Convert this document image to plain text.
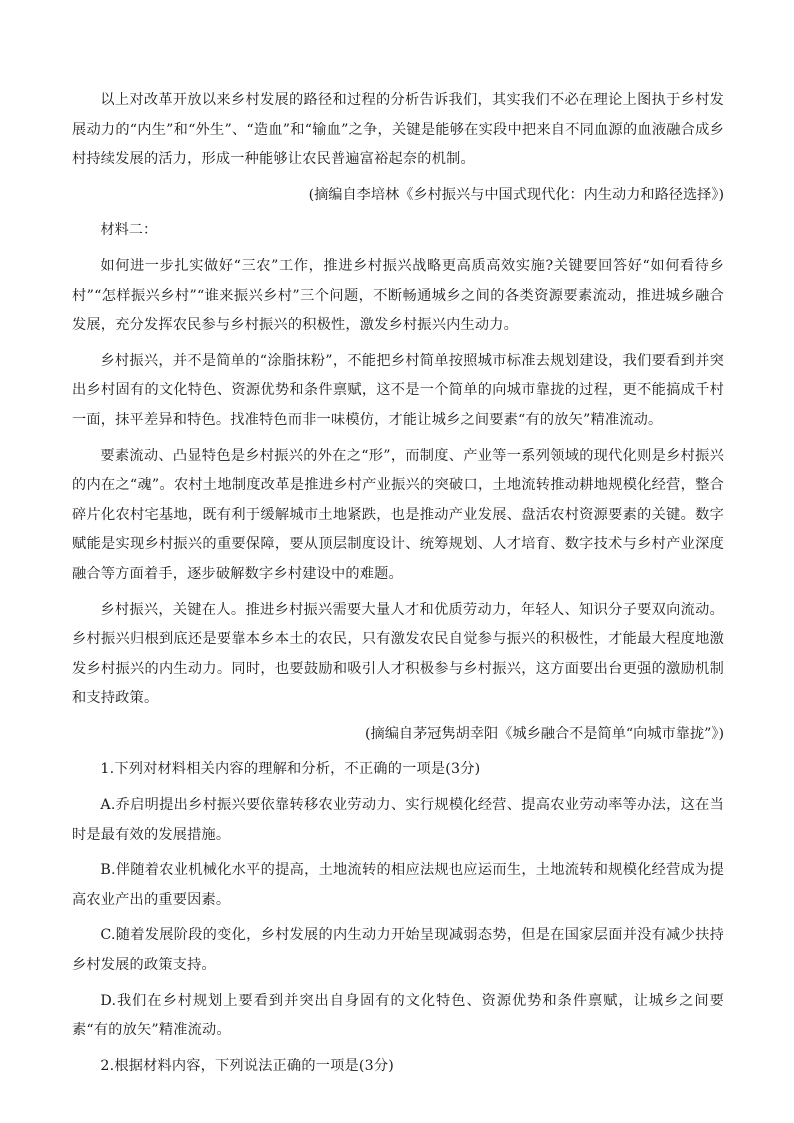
以上对改革开放以来乡村发展的路径和过程的分析告诉我们，其实我们不必在理论上图执于乡村发展动力的“内生”和“外生”、“造血”和“输血”之争，关键是能够在实段中把来自不同血源的血液融合成乡村持续发展的活力，形成一种能够让农民普遍富裕起奈的机制。

(摘编自李培林《乡村振兴与中国式现代化：内生动力和路径选择》)

材料二：

如何进一步扎实做好“三农”工作，推进乡村振兴战略更高质高效实施?关键要回答好“如何看待乡村”“怎样振兴乡村”“谁来振兴乡村”三个问题，不断畅通城乡之间的各类资源要素流动，推进城乡融合发展，充分发挥农民参与乡村振兴的积极性，激发乡村振兴内生动力。

乡村振兴，并不是简单的“涂脂抹粉”，不能把乡村简单按照城市标准去规划建设，我们要看到并突出乡村固有的文化特色、资源优势和条件禀赋，这不是一个简单的向城市靠拢的过程，更不能搞成千村一面，抹平差异和特色。找准特色而非一味模仿，才能让城乡之间要素“有的放矢”精准流动。

要素流动、凸显特色是乡村振兴的外在之“形”，而制度、产业等一系列领域的现代化则是乡村振兴的内在之“魂”。农村土地制度改革是推进乡村产业振兴的突破口，土地流转推动耕地规模化经营，整合碎片化农村宅基地，既有利于缓解城市土地紧跌，也是推动产业发展、盘活农村资源要素的关键。数字赋能是实现乡村振兴的重要保障，要从顶层制度设计、统筹规划、人才培育、数字技术与乡村产业深度融合等方面着手，逐步破解数字乡村建设中的难题。

乡村振兴，关键在人。推进乡村振兴需要大量人才和优质劳动力，年轻人、知识分子要双向流动。乡村振兴归根到底还是要靠本乡本土的农民，只有激发农民自觉参与振兴的积极性，才能最大程度地激发乡村振兴的内生动力。同时，也要鼓励和吸引人才积极参与乡村振兴，这方面要出台更强的激励机制和支持政策。

(摘编自茅冠隽胡幸阳《城乡融合不是简单“向城市靠拢”》)

1.下列对材料相关内容的理解和分析，不正确的一项是(3分)

A.乔启明提出乡村振兴要依靠转移农业劳动力、实行规模化经营、提高农业劳动率等办法，这在当时是最有效的发展措施。

B.伴随着农业机械化水平的提高，土地流转的相应法规也应运而生，土地流转和规模化经营成为提高农业产出的重要因素。

C.随着发展阶段的变化，乡村发展的内生动力开始呈现减弱态势，但是在国家层面并没有减少扶持乡村发展的政策支持。

D.我们在乡村规划上要看到并突出自身固有的文化特色、资源优势和条件禀赋，让城乡之间要素“有的放矢”精准流动。

2.根据材料内容，下列说法正确的一项是(3分)
